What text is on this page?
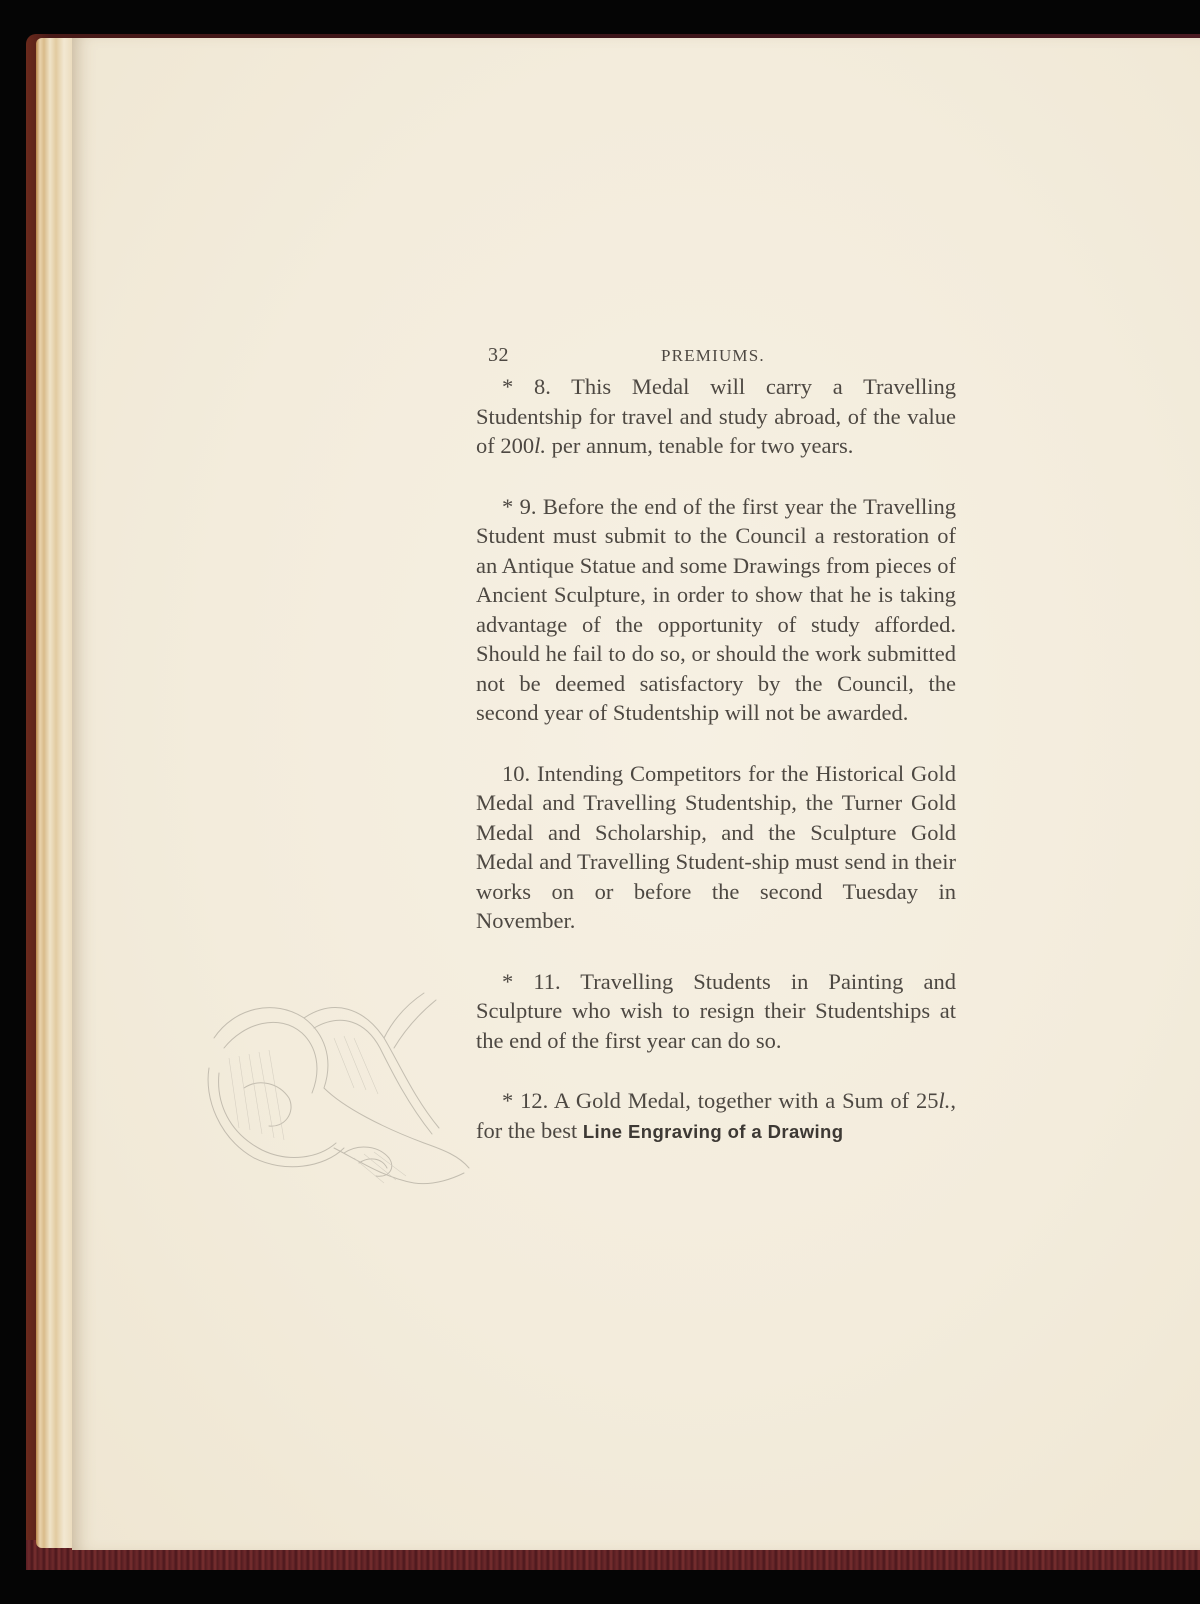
32	PREMIUMS.

* 8. This Medal will carry a Travelling Studentship for travel and study abroad, of the value of 200l. per annum, tenable for two years.

* 9. Before the end of the first year the Travelling Student must submit to the Council a restoration of an Antique Statue and some Drawings from pieces of Ancient Sculpture, in order to show that he is taking advantage of the opportunity of study afforded. Should he fail to do so, or should the work submitted not be deemed satisfactory by the Council, the second year of Studentship will not be awarded.

10. Intending Competitors for the Historical Gold Medal and Travelling Studentship, the Turner Gold Medal and Scholarship, and the Sculpture Gold Medal and Travelling Student-ship must send in their works on or before the second Tuesday in November.

* 11. Travelling Students in Painting and Sculpture who wish to resign their Studentships at the end of the first year can do so.

* 12. A Gold Medal, together with a Sum of 25l., for the best Line Engraving of a Drawing
